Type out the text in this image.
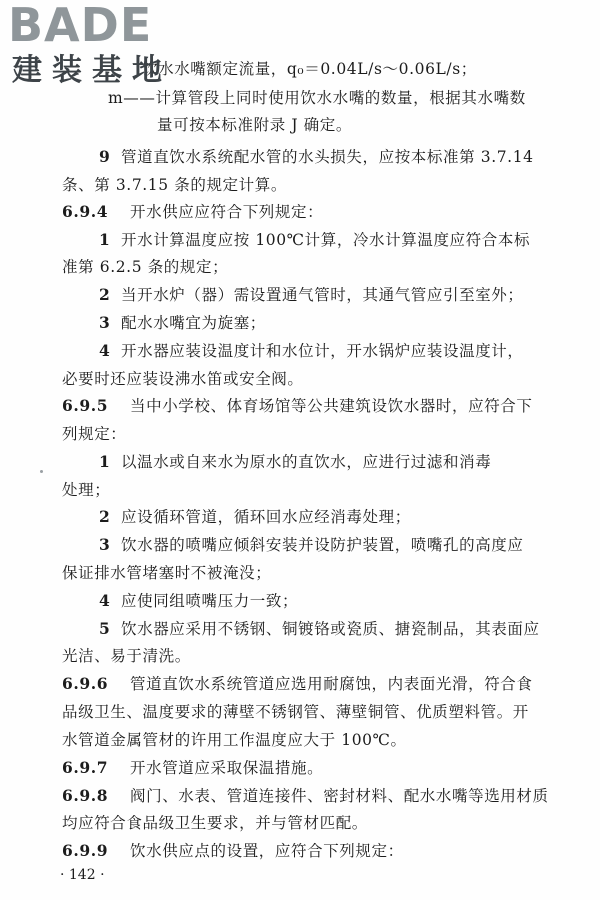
BADE
建装基地
饮水水嘴额定流量，q₀＝0.04L/s～0.06L/s；
m——计算管段上同时使用饮水水嘴的数量，根据其水嘴数
量可按本标准附录 J 确定。
9 管道直饮水系统配水管的水头损失，应按本标准第 3.7.14
条、第 3.7.15 条的规定计算。
6.9.4 开水供应应符合下列规定：
1 开水计算温度应按 100℃计算，冷水计算温度应符合本标
准第 6.2.5 条的规定；
2 当开水炉（器）需设置通气管时，其通气管应引至室外；
3 配水水嘴宜为旋塞；
4 开水器应装设温度计和水位计，开水锅炉应装设温度计，
必要时还应装设沸水笛或安全阀。
6.9.5 当中小学校、体育场馆等公共建筑设饮水器时，应符合下
列规定：
1 以温水或自来水为原水的直饮水，应进行过滤和消毒
处理；
2 应设循环管道，循环回水应经消毒处理；
3 饮水器的喷嘴应倾斜安装并设防护装置，喷嘴孔的高度应
保证排水管堵塞时不被淹没；
4 应使同组喷嘴压力一致；
5 饮水器应采用不锈钢、铜镀铬或瓷质、搪瓷制品，其表面应
光洁、易于清洗。
6.9.6 管道直饮水系统管道应选用耐腐蚀，内表面光滑，符合食
品级卫生、温度要求的薄壁不锈钢管、薄壁铜管、优质塑料管。开
水管道金属管材的许用工作温度应大于 100℃。
6.9.7 开水管道应采取保温措施。
6.9.8 阀门、水表、管道连接件、密封材料、配水水嘴等选用材质
均应符合食品级卫生要求，并与管材匹配。
6.9.9 饮水供应点的设置，应符合下列规定：
· 142 ·
